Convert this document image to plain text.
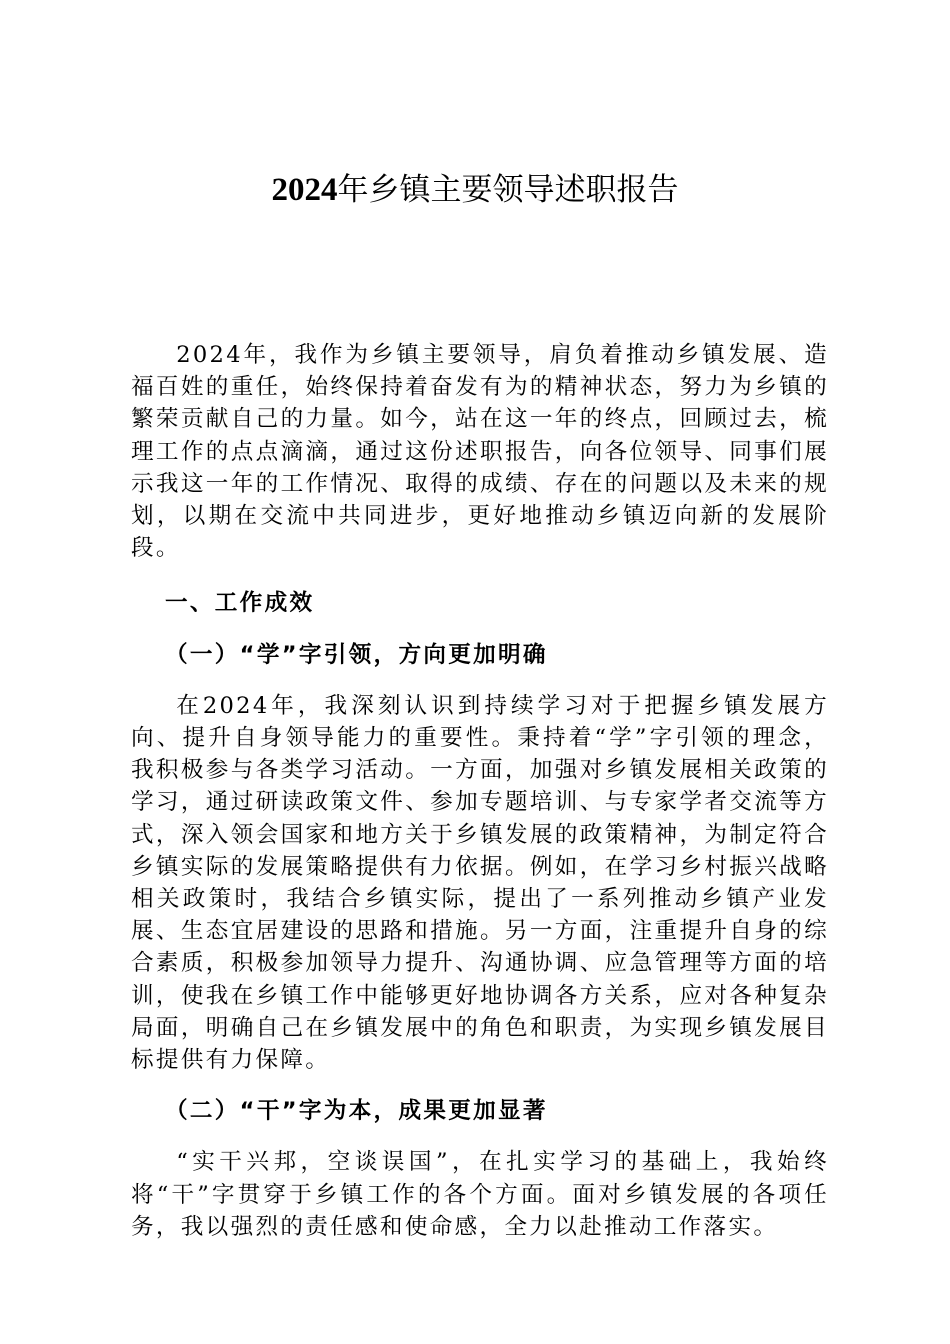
2024年乡镇主要领导述职报告

2024年，我作为乡镇主要领导，肩负着推动乡镇发展、造福百姓的重任，始终保持着奋发有为的精神状态，努力为乡镇的繁荣贡献自己的力量。如今，站在这一年的终点，回顾过去，梳理工作的点点滴滴，通过这份述职报告，向各位领导、同事们展示我这一年的工作情况、取得的成绩、存在的问题以及未来的规划，以期在交流中共同进步，更好地推动乡镇迈向新的发展阶段。

一、工作成效

（一）“学”字引领，方向更加明确

在2024年，我深刻认识到持续学习对于把握乡镇发展方向、提升自身领导能力的重要性。秉持着“学”字引领的理念，我积极参与各类学习活动。一方面，加强对乡镇发展相关政策的学习，通过研读政策文件、参加专题培训、与专家学者交流等方式，深入领会国家和地方关于乡镇发展的政策精神，为制定符合乡镇实际的发展策略提供有力依据。例如，在学习乡村振兴战略相关政策时，我结合乡镇实际，提出了一系列推动乡镇产业发展、生态宜居建设的思路和措施。另一方面，注重提升自身的综合素质，积极参加领导力提升、沟通协调、应急管理等方面的培训，使我在乡镇工作中能够更好地协调各方关系，应对各种复杂局面，明确自己在乡镇发展中的角色和职责，为实现乡镇发展目标提供有力保障。

（二）“干”字为本，成果更加显著

“实干兴邦，空谈误国”，在扎实学习的基础上，我始终将“干”字贯穿于乡镇工作的各个方面。面对乡镇发展的各项任务，我以强烈的责任感和使命感，全力以赴推动工作落实。
